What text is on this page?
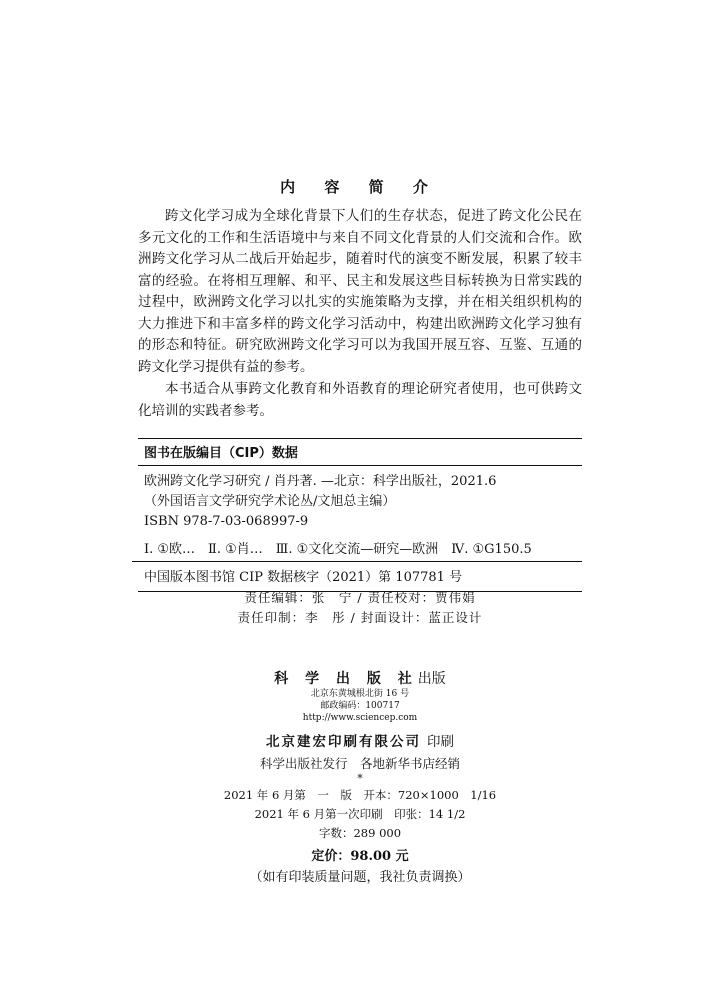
内 容 简 介

跨文化学习成为全球化背景下人们的生存状态，促进了跨文化公民在多元文化的工作和生活语境中与来自不同文化背景的人们交流和合作。欧洲跨文化学习从二战后开始起步，随着时代的演变不断发展，积累了较丰富的经验。在将相互理解、和平、民主和发展这些目标转换为日常实践的过程中，欧洲跨文化学习以扎实的实施策略为支撑，并在相关组织机构的大力推进下和丰富多样的跨文化学习活动中，构建出欧洲跨文化学习独有的形态和特征。研究欧洲跨文化学习可以为我国开展互容、互鉴、互通的跨文化学习提供有益的参考。

本书适合从事跨文化教育和外语教育的理论研究者使用，也可供跨文化培训的实践者参考。

图书在版编目（CIP）数据
欧洲跨文化学习研究 / 肖丹著. —北京：科学出版社，2021.6
（外国语言文学研究学术论丛/文旭总主编）
ISBN 978-7-03-068997-9
Ⅰ. ①欧…　Ⅱ. ①肖…　Ⅲ. ①文化交流—研究—欧洲　Ⅳ. ①G150.5
中国版本图书馆 CIP 数据核字（2021）第 107781 号
责任编辑：张　宁 / 责任校对：贾伟娟
责任印制：李　彤 / 封面设计：蓝正设计
科 学 出 版 社出版
北京东黄城根北街 16 号
邮政编码：100717
http://www.sciencep.com
北京建宏印刷有限公司 印刷
科学出版社发行　各地新华书店经销
*
2021 年 6 月第　一　版　开本：720×1000　1/16
2021 年 6 月第一次印刷　印张：14 1/2
字数：289 000
定价：98.00 元
（如有印装质量问题，我社负责调换）
